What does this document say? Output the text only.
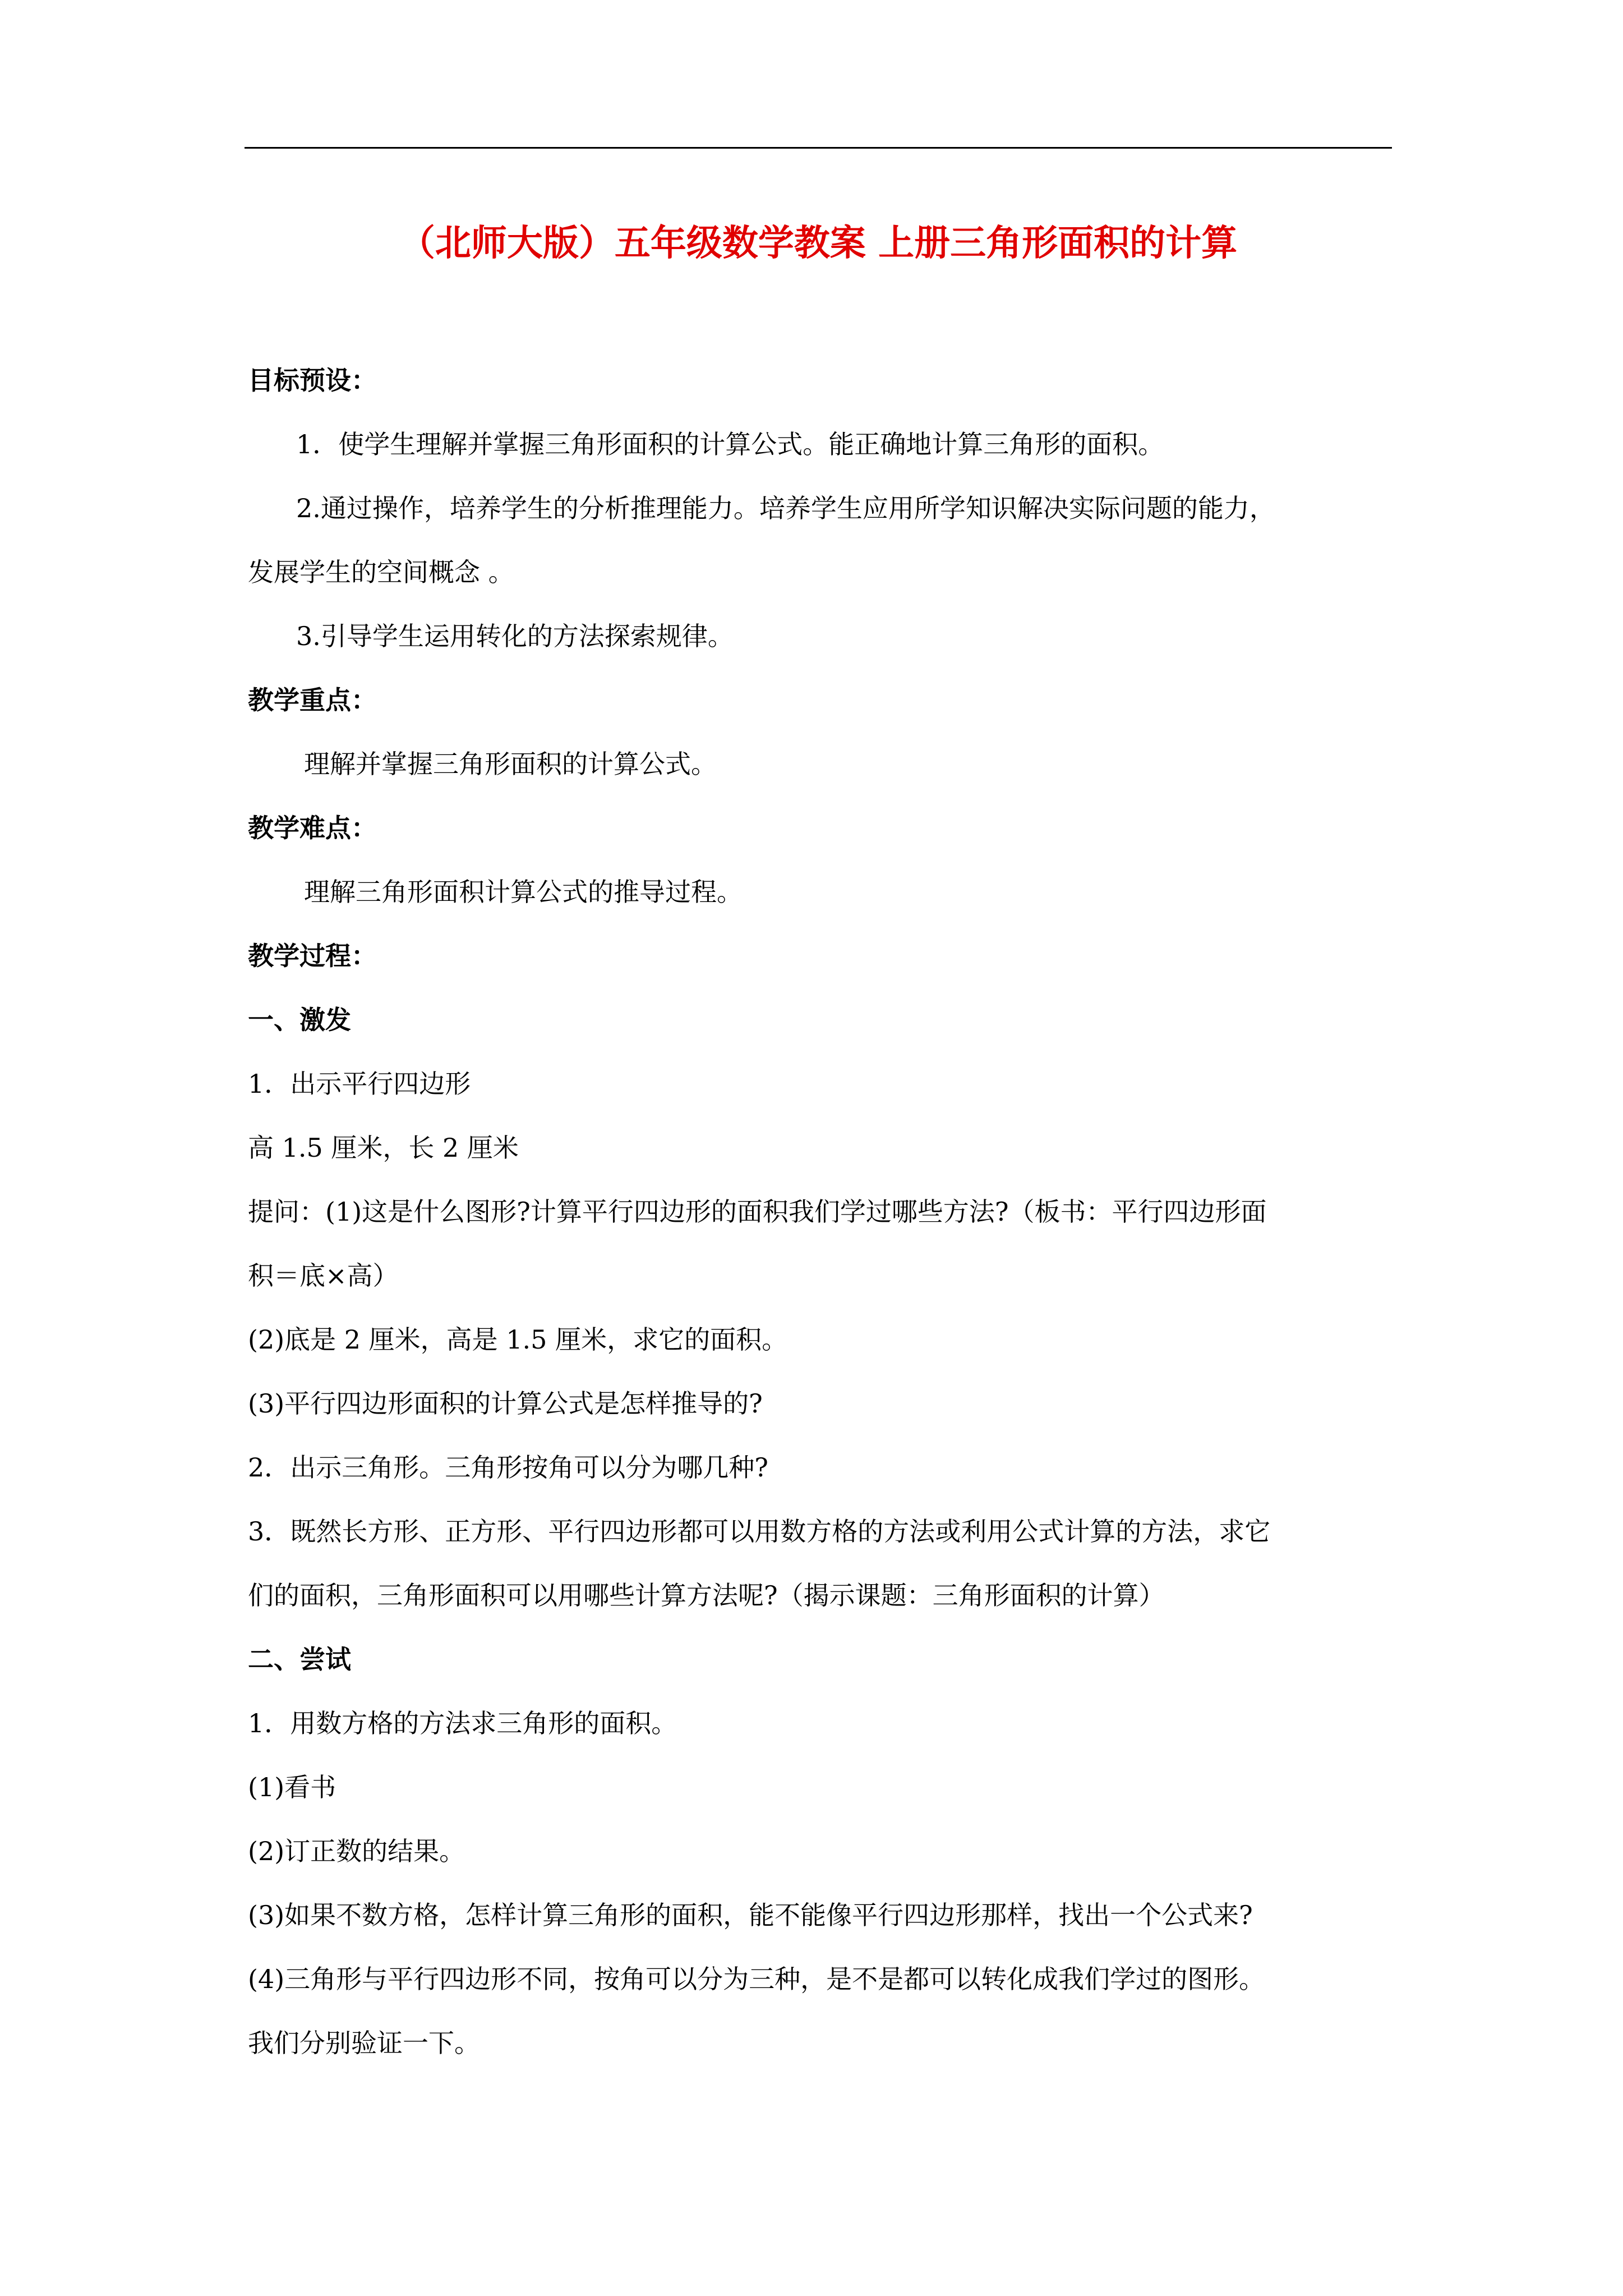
（北师大版）五年级数学教案 上册三角形面积的计算
目标预设：
1．使学生理解并掌握三角形面积的计算公式。能正确地计算三角形的面积。
2.通过操作，培养学生的分析推理能力。培养学生应用所学知识解决实际问题的能力，
发展学生的空间概念 。
3.引导学生运用转化的方法探索规律。
教学重点：
理解并掌握三角形面积的计算公式。
教学难点：
理解三角形面积计算公式的推导过程。
教学过程：
一、激发
1．出示平行四边形
高 1.5 厘米，长 2 厘米
提问：(1)这是什么图形?计算平行四边形的面积我们学过哪些方法?（板书：平行四边形面
积＝底×高）
(2)底是 2 厘米，高是 1.5 厘米，求它的面积。
(3)平行四边形面积的计算公式是怎样推导的?
2．出示三角形。三角形按角可以分为哪几种?
3．既然长方形、正方形、平行四边形都可以用数方格的方法或利用公式计算的方法，求它
们的面积，三角形面积可以用哪些计算方法呢?（揭示课题：三角形面积的计算）
二、尝试
1．用数方格的方法求三角形的面积。
(1)看书
(2)订正数的结果。
(3)如果不数方格，怎样计算三角形的面积，能不能像平行四边形那样，找出一个公式来?
(4)三角形与平行四边形不同，按角可以分为三种，是不是都可以转化成我们学过的图形。
我们分别验证一下。
